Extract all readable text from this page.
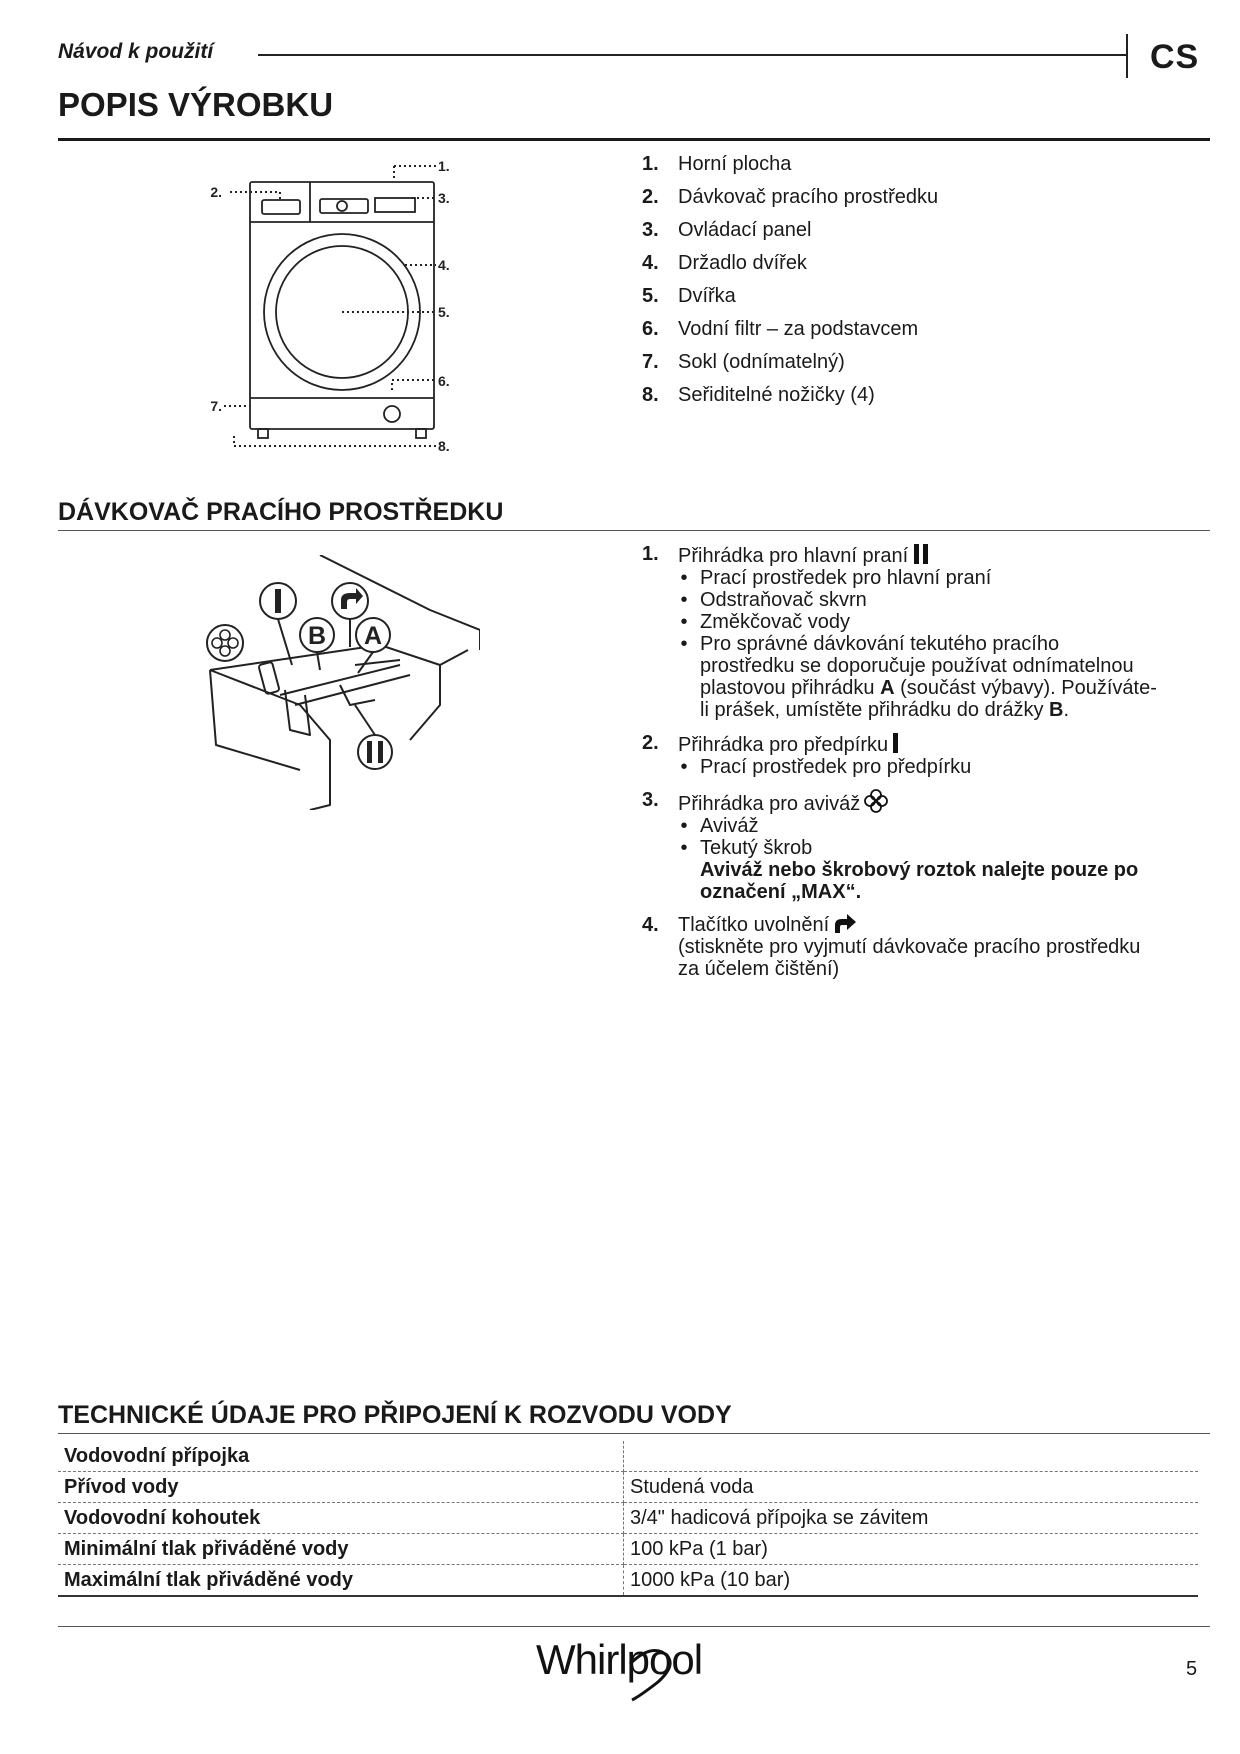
Návod k použití	CS
POPIS VÝROBKU
1.
2.	3.
4.
5.
6.
7.
8.
1. Horní plocha
2. Dávkovač pracího prostředku
3. Ovládací panel
4. Držadlo dvířek
5. Dvířka
6. Vodní filtr – za podstavcem
7. Sokl (odnímatelný)
8. Seřiditelné nožičky (4)
DÁVKOVAČ PRACÍHO PROSTŘEDKU
B A
1. Přihrádka pro hlavní praní
• Prací prostředek pro hlavní praní
• Odstraňovač skvrn
• Změkčovač vody
• Pro správné dávkování tekutého pracího prostředku se doporučuje používat odnímatelnou plastovou přihrádku A (součást výbavy). Používáte-li prášek, umístěte přihrádku do drážky B.
2. Přihrádka pro předpírku
• Prací prostředek pro předpírku
3. Přihrádka pro aviváž
• Aviváž
• Tekutý škrob
Aviváž nebo škrobový roztok nalejte pouze po označení „MAX“.
4. Tlačítko uvolnění
(stiskněte pro vyjmutí dávkovače pracího prostředku za účelem čištění)
TECHNICKÉ ÚDAJE PRO PŘIPOJENÍ K ROZVODU VODY
Vodovodní přípojka	
Přívod vody	Studená voda
Vodovodní kohoutek	3/4" hadicová přípojka se závitem
Minimální tlak přiváděné vody	100 kPa (1 bar)
Maximální tlak přiváděné vody	1000 kPa (10 bar)
Whirlpool	5
